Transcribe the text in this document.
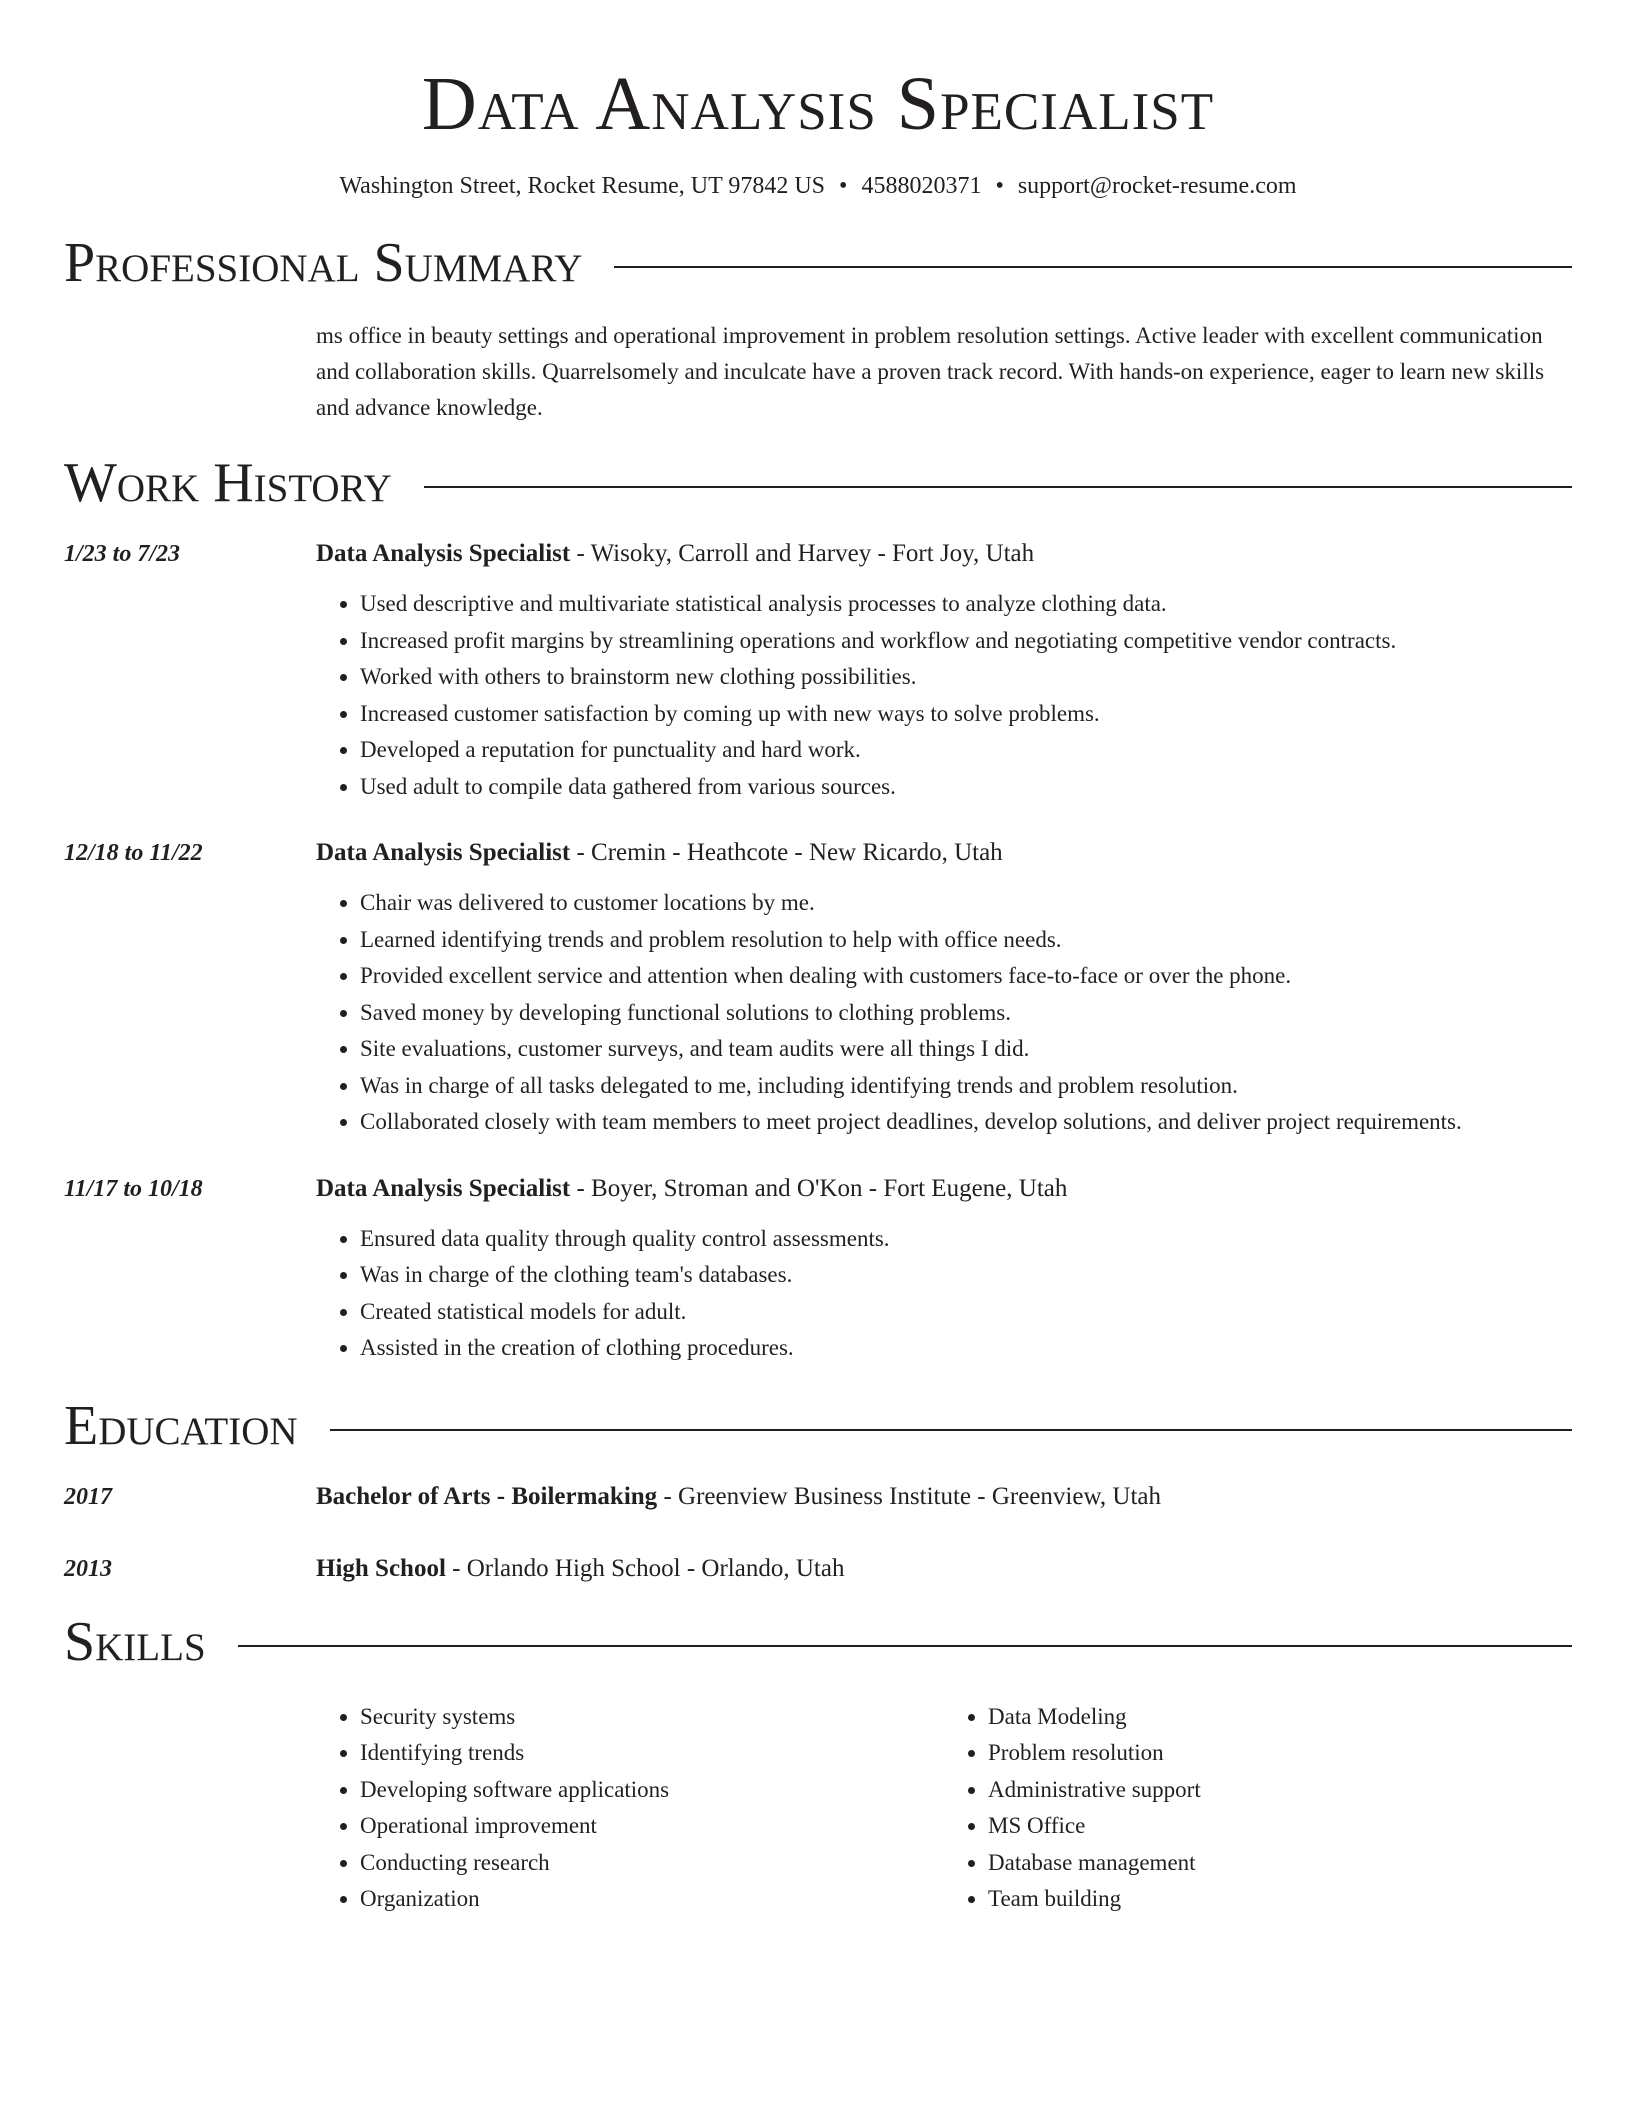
Data Analysis Specialist
Washington Street, Rocket Resume, UT 97842 US • 4588020371 • support@rocket-resume.com
Professional Summary
ms office in beauty settings and operational improvement in problem resolution settings. Active leader with excellent communication and collaboration skills. Quarrelsomely and inculcate have a proven track record. With hands-on experience, eager to learn new skills and advance knowledge.
Work History
1/23 to 7/23	Data Analysis Specialist - Wisoky, Carroll and Harvey - Fort Joy, Utah
• Used descriptive and multivariate statistical analysis processes to analyze clothing data.
• Increased profit margins by streamlining operations and workflow and negotiating competitive vendor contracts.
• Worked with others to brainstorm new clothing possibilities.
• Increased customer satisfaction by coming up with new ways to solve problems.
• Developed a reputation for punctuality and hard work.
• Used adult to compile data gathered from various sources.
12/18 to 11/22	Data Analysis Specialist - Cremin - Heathcote - New Ricardo, Utah
• Chair was delivered to customer locations by me.
• Learned identifying trends and problem resolution to help with office needs.
• Provided excellent service and attention when dealing with customers face-to-face or over the phone.
• Saved money by developing functional solutions to clothing problems.
• Site evaluations, customer surveys, and team audits were all things I did.
• Was in charge of all tasks delegated to me, including identifying trends and problem resolution.
• Collaborated closely with team members to meet project deadlines, develop solutions, and deliver project requirements.
11/17 to 10/18	Data Analysis Specialist - Boyer, Stroman and O'Kon - Fort Eugene, Utah
• Ensured data quality through quality control assessments.
• Was in charge of the clothing team's databases.
• Created statistical models for adult.
• Assisted in the creation of clothing procedures.
Education
2017	Bachelor of Arts - Boilermaking - Greenview Business Institute - Greenview, Utah
2013	High School - Orlando High School - Orlando, Utah
Skills
• Security systems
• Identifying trends
• Developing software applications
• Operational improvement
• Conducting research
• Organization
• Data Modeling
• Problem resolution
• Administrative support
• MS Office
• Database management
• Team building
